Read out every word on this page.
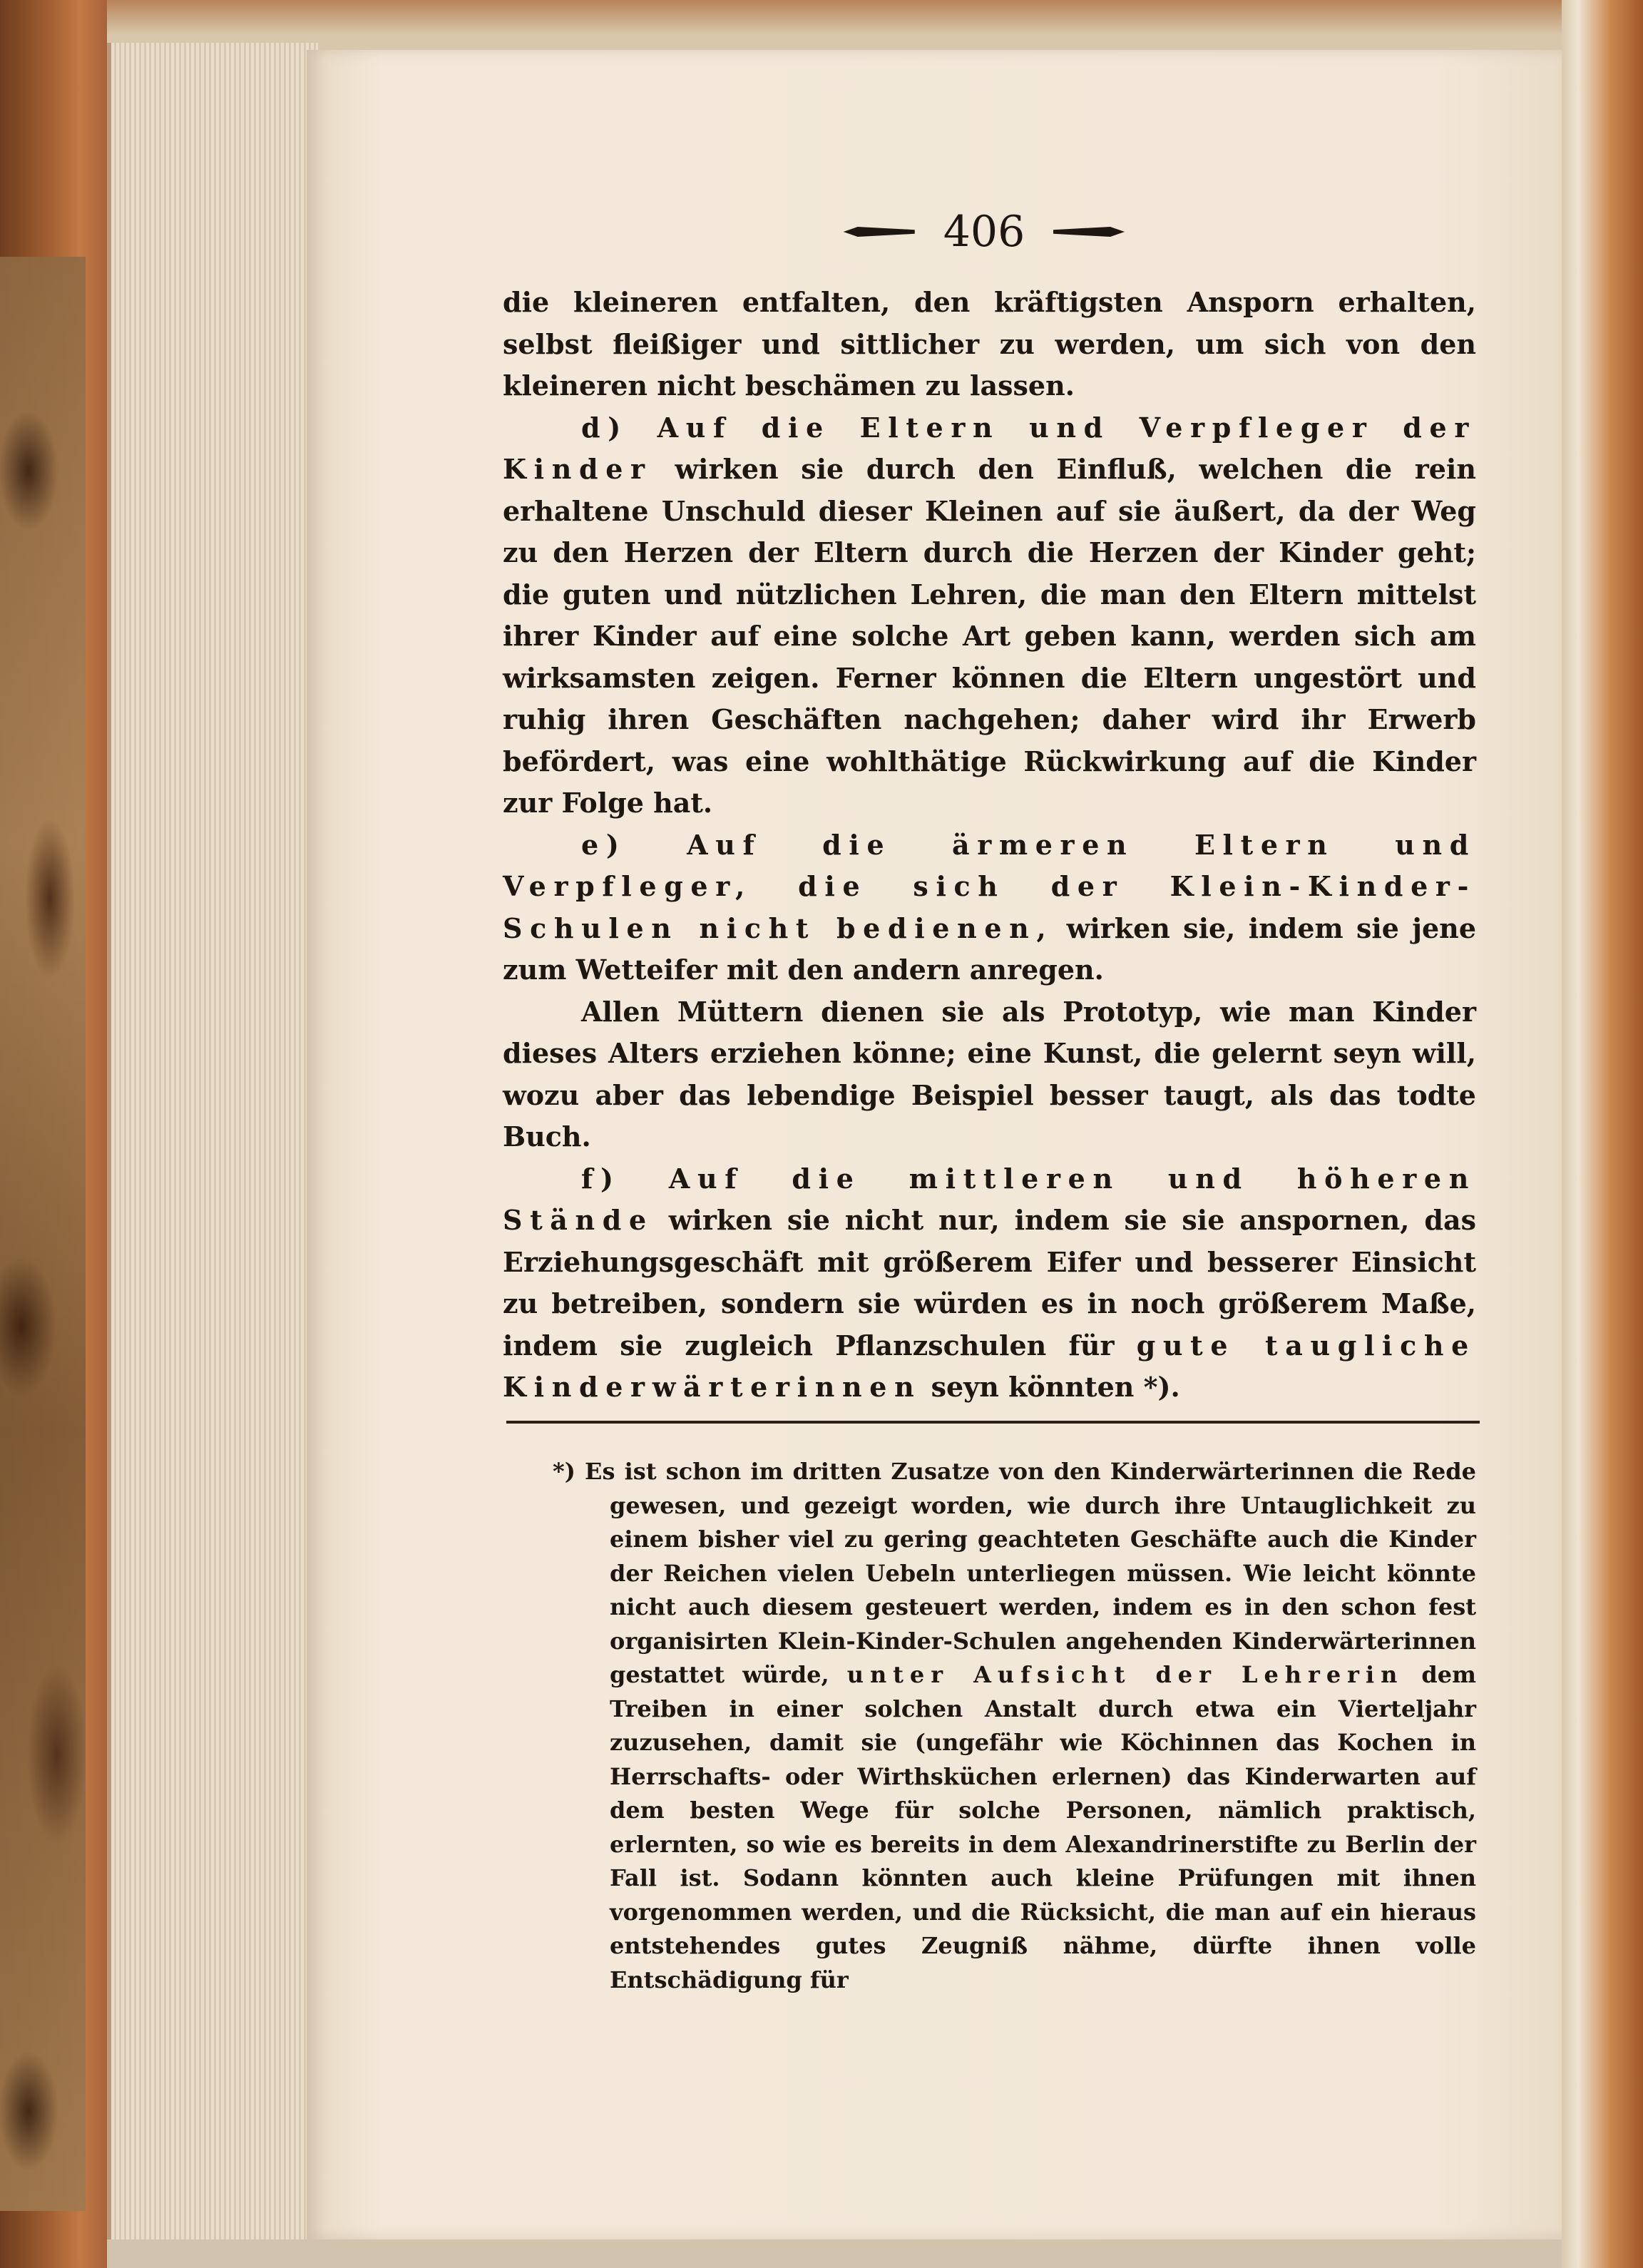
406

die kleineren entfalten, den kräftigsten Ansporn erhalten, selbst fleißiger und sittlicher zu werden, um sich von den kleineren nicht beschämen zu lassen.

d) Auf die Eltern und Verpfleger der Kinder wirken sie durch den Einfluß, welchen die rein erhaltene Unschuld dieser Kleinen auf sie äußert, da der Weg zu den Herzen der Eltern durch die Herzen der Kinder geht; die guten und nützlichen Lehren, die man den Eltern mittelst ihrer Kinder auf eine solche Art geben kann, werden sich am wirksamsten zeigen. Ferner können die Eltern ungestört und ruhig ihren Geschäften nachgehen; daher wird ihr Erwerb befördert, was eine wohlthätige Rückwirkung auf die Kinder zur Folge hat.

e) Auf die ärmeren Eltern und Verpfleger, die sich der Klein-Kinder-Schulen nicht bedienen, wirken sie, indem sie jene zum Wetteifer mit den andern anregen.

Allen Müttern dienen sie als Prototyp, wie man Kinder dieses Alters erziehen könne; eine Kunst, die gelernt seyn will, wozu aber das lebendige Beispiel besser taugt, als das todte Buch.

f) Auf die mittleren und höheren Stände wirken sie nicht nur, indem sie sie anspornen, das Erziehungsgeschäft mit größerem Eifer und besserer Einsicht zu betreiben, sondern sie würden es in noch größerem Maße, indem sie zugleich Pflanzschulen für gute taugliche Kinderwärterinnen seyn könnten *).

*) Es ist schon im dritten Zusatze von den Kinderwärterinnen die Rede gewesen, und gezeigt worden, wie durch ihre Untauglichkeit zu einem bisher viel zu gering geachteten Geschäfte auch die Kinder der Reichen vielen Uebeln unterliegen müssen. Wie leicht könnte nicht auch diesem gesteuert werden, indem es in den schon fest organisirten Klein-Kinder-Schulen angehenden Kinderwärterinnen gestattet würde, unter Aufsicht der Lehrerin dem Treiben in einer solchen Anstalt durch etwa ein Vierteljahr zuzusehen, damit sie (ungefähr wie Köchinnen das Kochen in Herrschafts- oder Wirthsküchen erlernen) das Kinderwarten auf dem besten Wege für solche Personen, nämlich praktisch, erlernten, so wie es bereits in dem Alexandrinerstifte zu Berlin der Fall ist. Sodann könnten auch kleine Prüfungen mit ihnen vorgenommen werden, und die Rücksicht, die man auf ein hieraus entstehendes gutes Zeugniß nähme, dürfte ihnen volle Entschädigung für
